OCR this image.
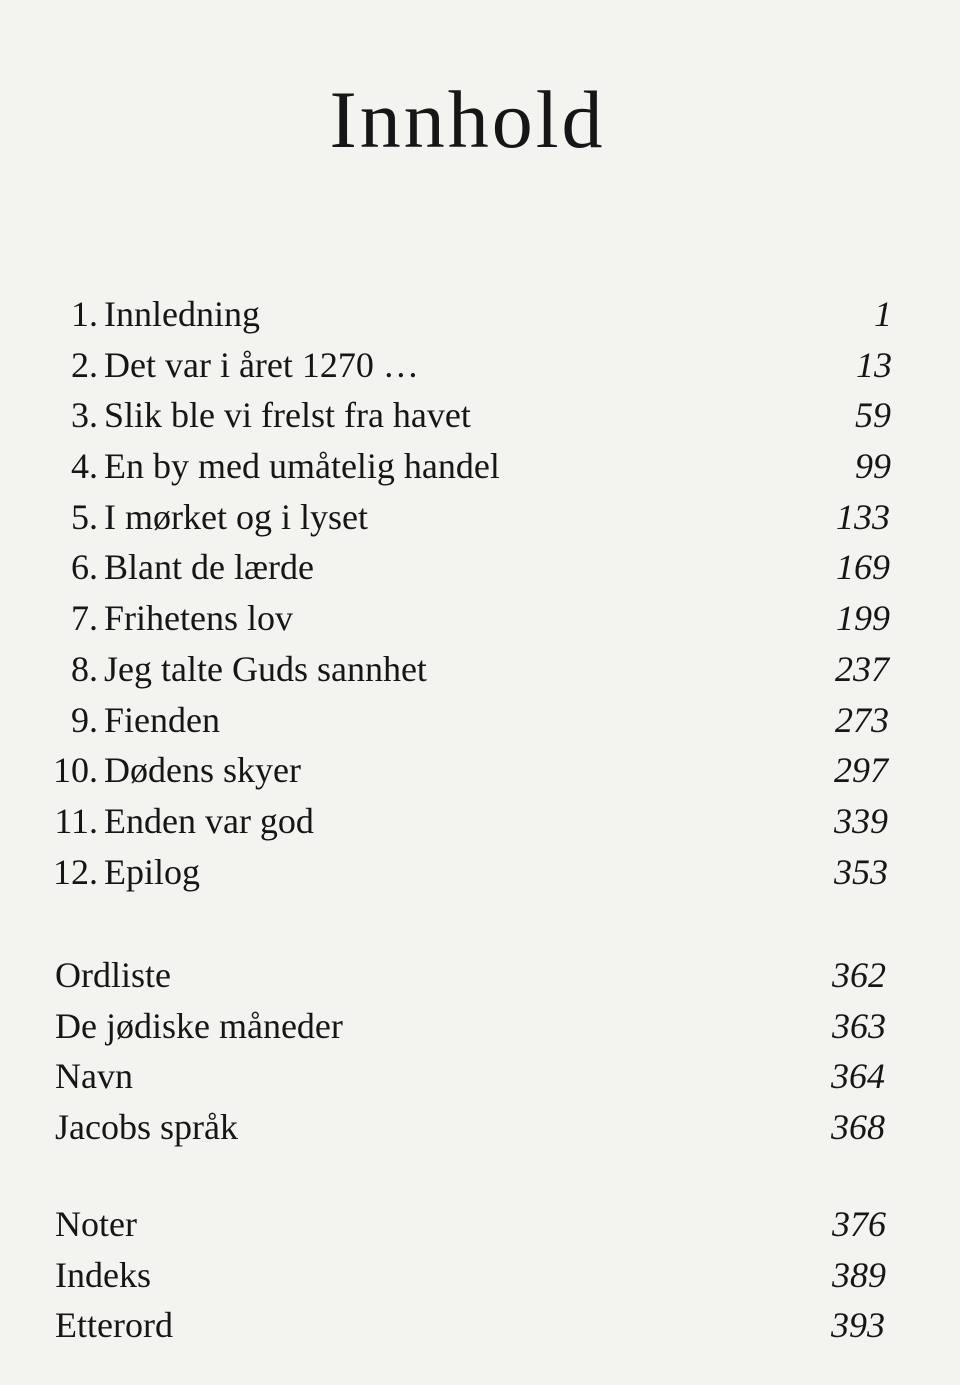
Innhold
1. Innledning	1
2. Det var i året 1270 …	13
3. Slik ble vi frelst fra havet	59
4. En by med umåtelig handel	99
5. I mørket og i lyset	133
6. Blant de lærde	169
7. Frihetens lov	199
8. Jeg talte Guds sannhet	237
9. Fienden	273
10. Dødens skyer	297
11. Enden var god	339
12. Epilog	353
Ordliste	362
De jødiske måneder	363
Navn	364
Jacobs språk	368
Noter	376
Indeks	389
Etterord	393
